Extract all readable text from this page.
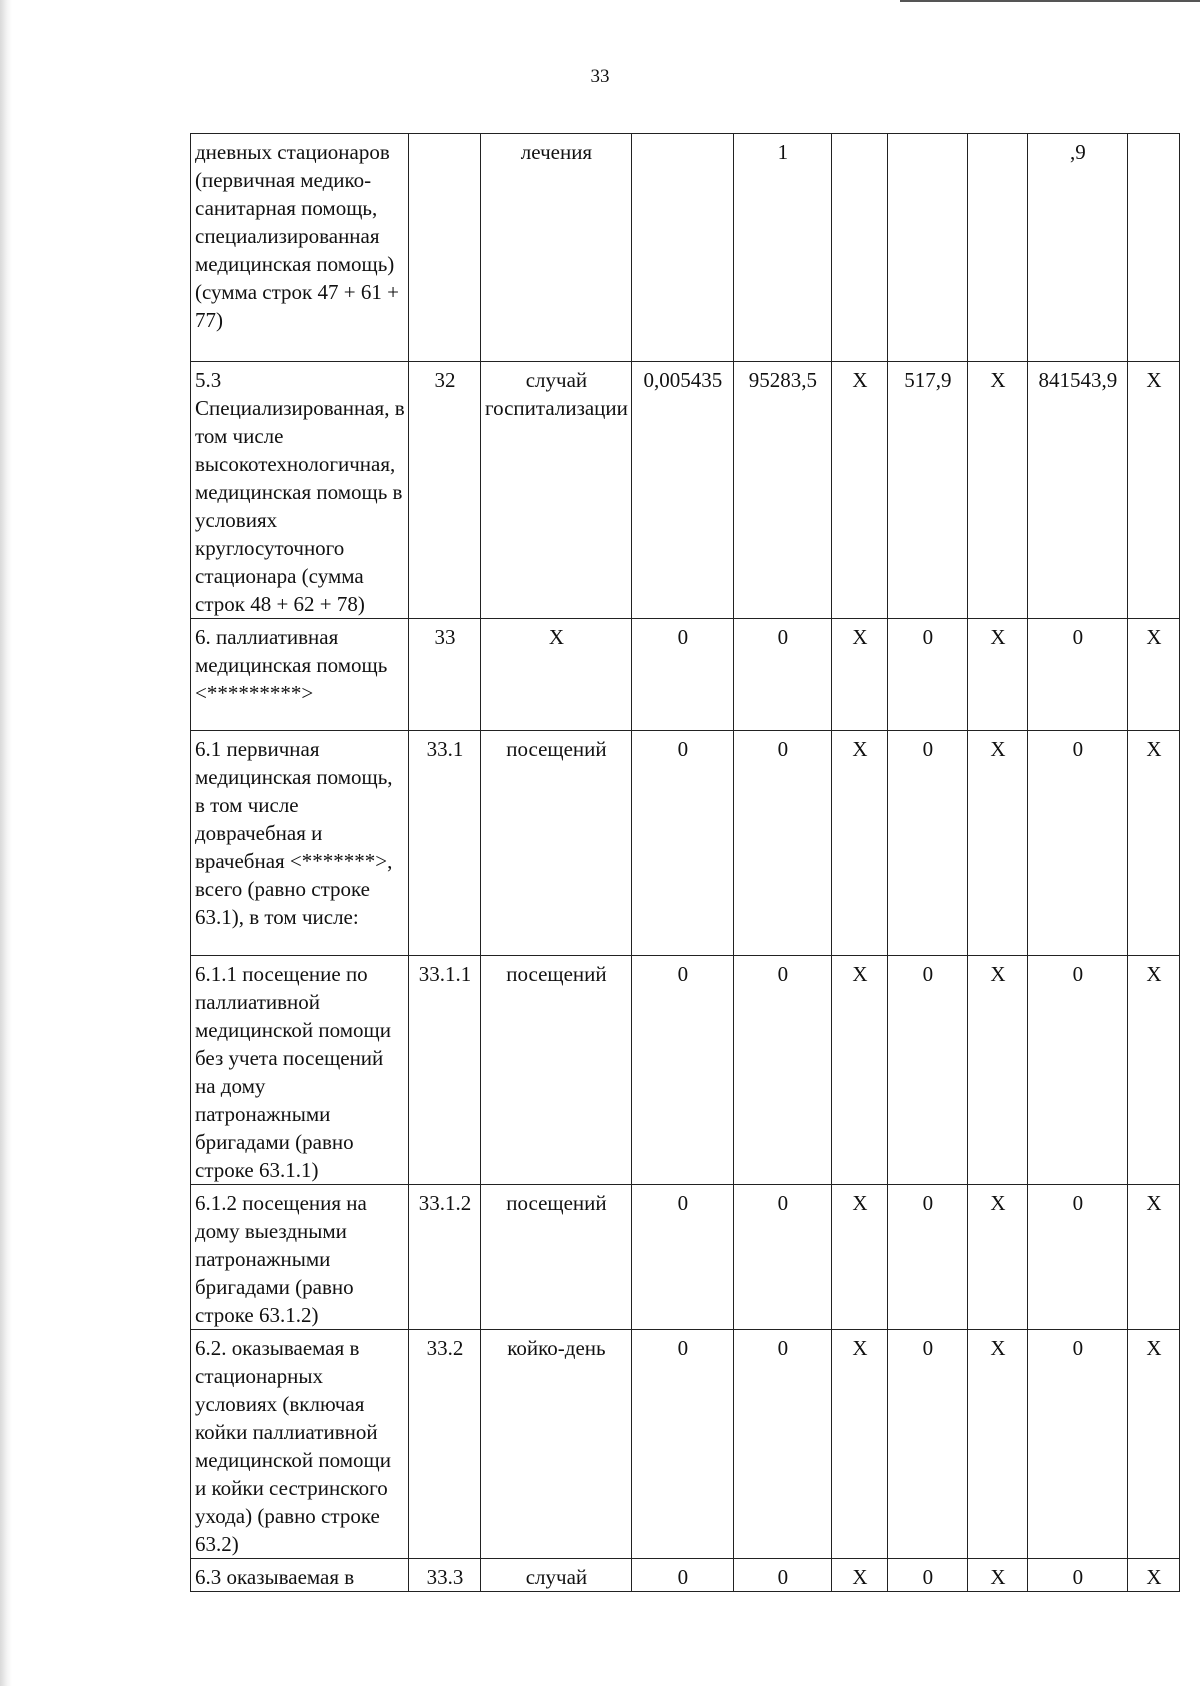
33
дневных стационаров (первичная медико-санитарная помощь, специализированная медицинская помощь) (сумма строк 47 + 61 + 77)		лечения		1				,9	
5.3 Специализированная, в том числе высокотехнологичная, медицинская помощь в условиях круглосуточного стационара (сумма строк 48 + 62 + 78)	32	случай госпитализации	0,005435	95283,5	X	517,9	X	841543,9	X
6. паллиативная медицинская помощь <*********>	33	X	0	0	X	0	X	0	X
6.1 первичная медицинская помощь, в том числе доврачебная и врачебная <*******>, всего (равно строке 63.1), в том числе:	33.1	посещений	0	0	X	0	X	0	X
6.1.1 посещение по паллиативной медицинской помощи без учета посещений на дому патронажными бригадами (равно строке 63.1.1)	33.1.1	посещений	0	0	X	0	X	0	X
6.1.2 посещения на дому выездными патронажными бригадами (равно строке 63.1.2)	33.1.2	посещений	0	0	X	0	X	0	X
6.2. оказываемая в стационарных условиях (включая койки паллиативной медицинской помощи и койки сестринского ухода) (равно строке 63.2)	33.2	койко-день	0	0	X	0	X	0	X
6.3 оказываемая в	33.3	случай	0	0	X	0	X	0	X
